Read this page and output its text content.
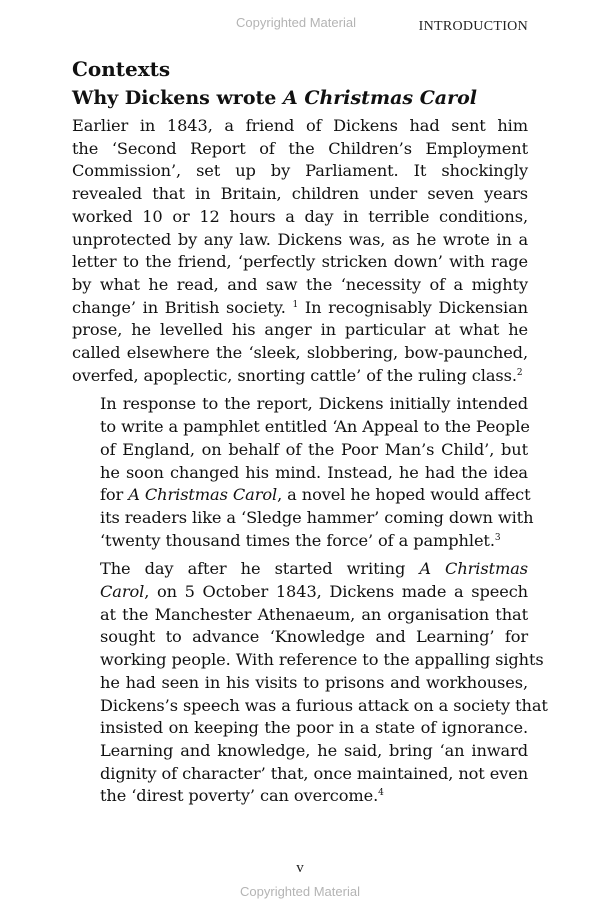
Copyrighted Material	INTRODUCTION
Contexts
Why Dickens wrote A Christmas Carol

Earlier in 1843, a friend of Dickens had sent him
the ‘Second Report of the Children’s Employment
Commission’, set up by Parliament. It shockingly
revealed that in Britain, children under seven years
worked 10 or 12 hours a day in terrible conditions,
unprotected by any law. Dickens was, as he wrote in a
letter to the friend, ‘perfectly stricken down’ with rage
by what he read, and saw the ‘necessity of a mighty
change’ in British society. $^1$ In recognisably Dickensian
prose, he levelled his anger in particular at what he
called elsewhere the ‘sleek, slobbering, bow-paunched,
overfed, apoplectic, snorting cattle’ of the ruling class.$^2$

In response to the report, Dickens initially intended
to write a pamphlet entitled ‘An Appeal to the People
of England, on behalf of the Poor Man’s Child’, but
he soon changed his mind. Instead, he had the idea
for A Christmas Carol, a novel he hoped would affect
its readers like a ‘Sledge hammer’ coming down with
‘twenty thousand times the force’ of a pamphlet.$^3$

The day after he started writing A Christmas
Carol, on 5 October 1843, Dickens made a speech
at the Manchester Athenaeum, an organisation that
sought to advance ‘Knowledge and Learning’ for
working people. With reference to the appalling sights
he had seen in his visits to prisons and workhouses,
Dickens’s speech was a furious attack on a society that
insisted on keeping the poor in a state of ignorance.
Learning and knowledge, he said, bring ‘an inward
dignity of character’ that, once maintained, not even
the ‘direst poverty’ can overcome.$^4$

v
Copyrighted Material
